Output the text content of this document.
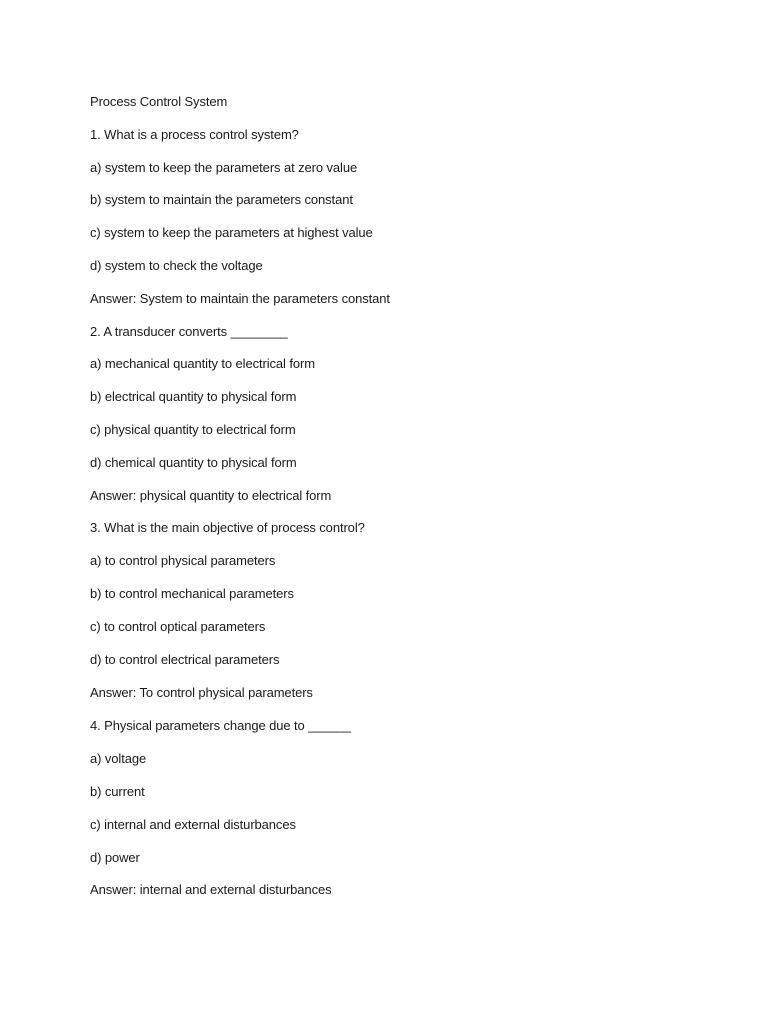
Process Control System
1. What is a process control system?
a) system to keep the parameters at zero value
b) system to maintain the parameters constant
c) system to keep the parameters at highest value
d) system to check the voltage
Answer: System to maintain the parameters constant
2. A transducer converts ________
a) mechanical quantity to electrical form
b) electrical quantity to physical form
c) physical quantity to electrical form
d) chemical quantity to physical form
Answer: physical quantity to electrical form
3. What is the main objective of process control?
a) to control physical parameters
b) to control mechanical parameters
c) to control optical parameters
d) to control electrical parameters
Answer: To control physical parameters
4. Physical parameters change due to ______
a) voltage
b) current
c) internal and external disturbances
d) power
Answer: internal and external disturbances
